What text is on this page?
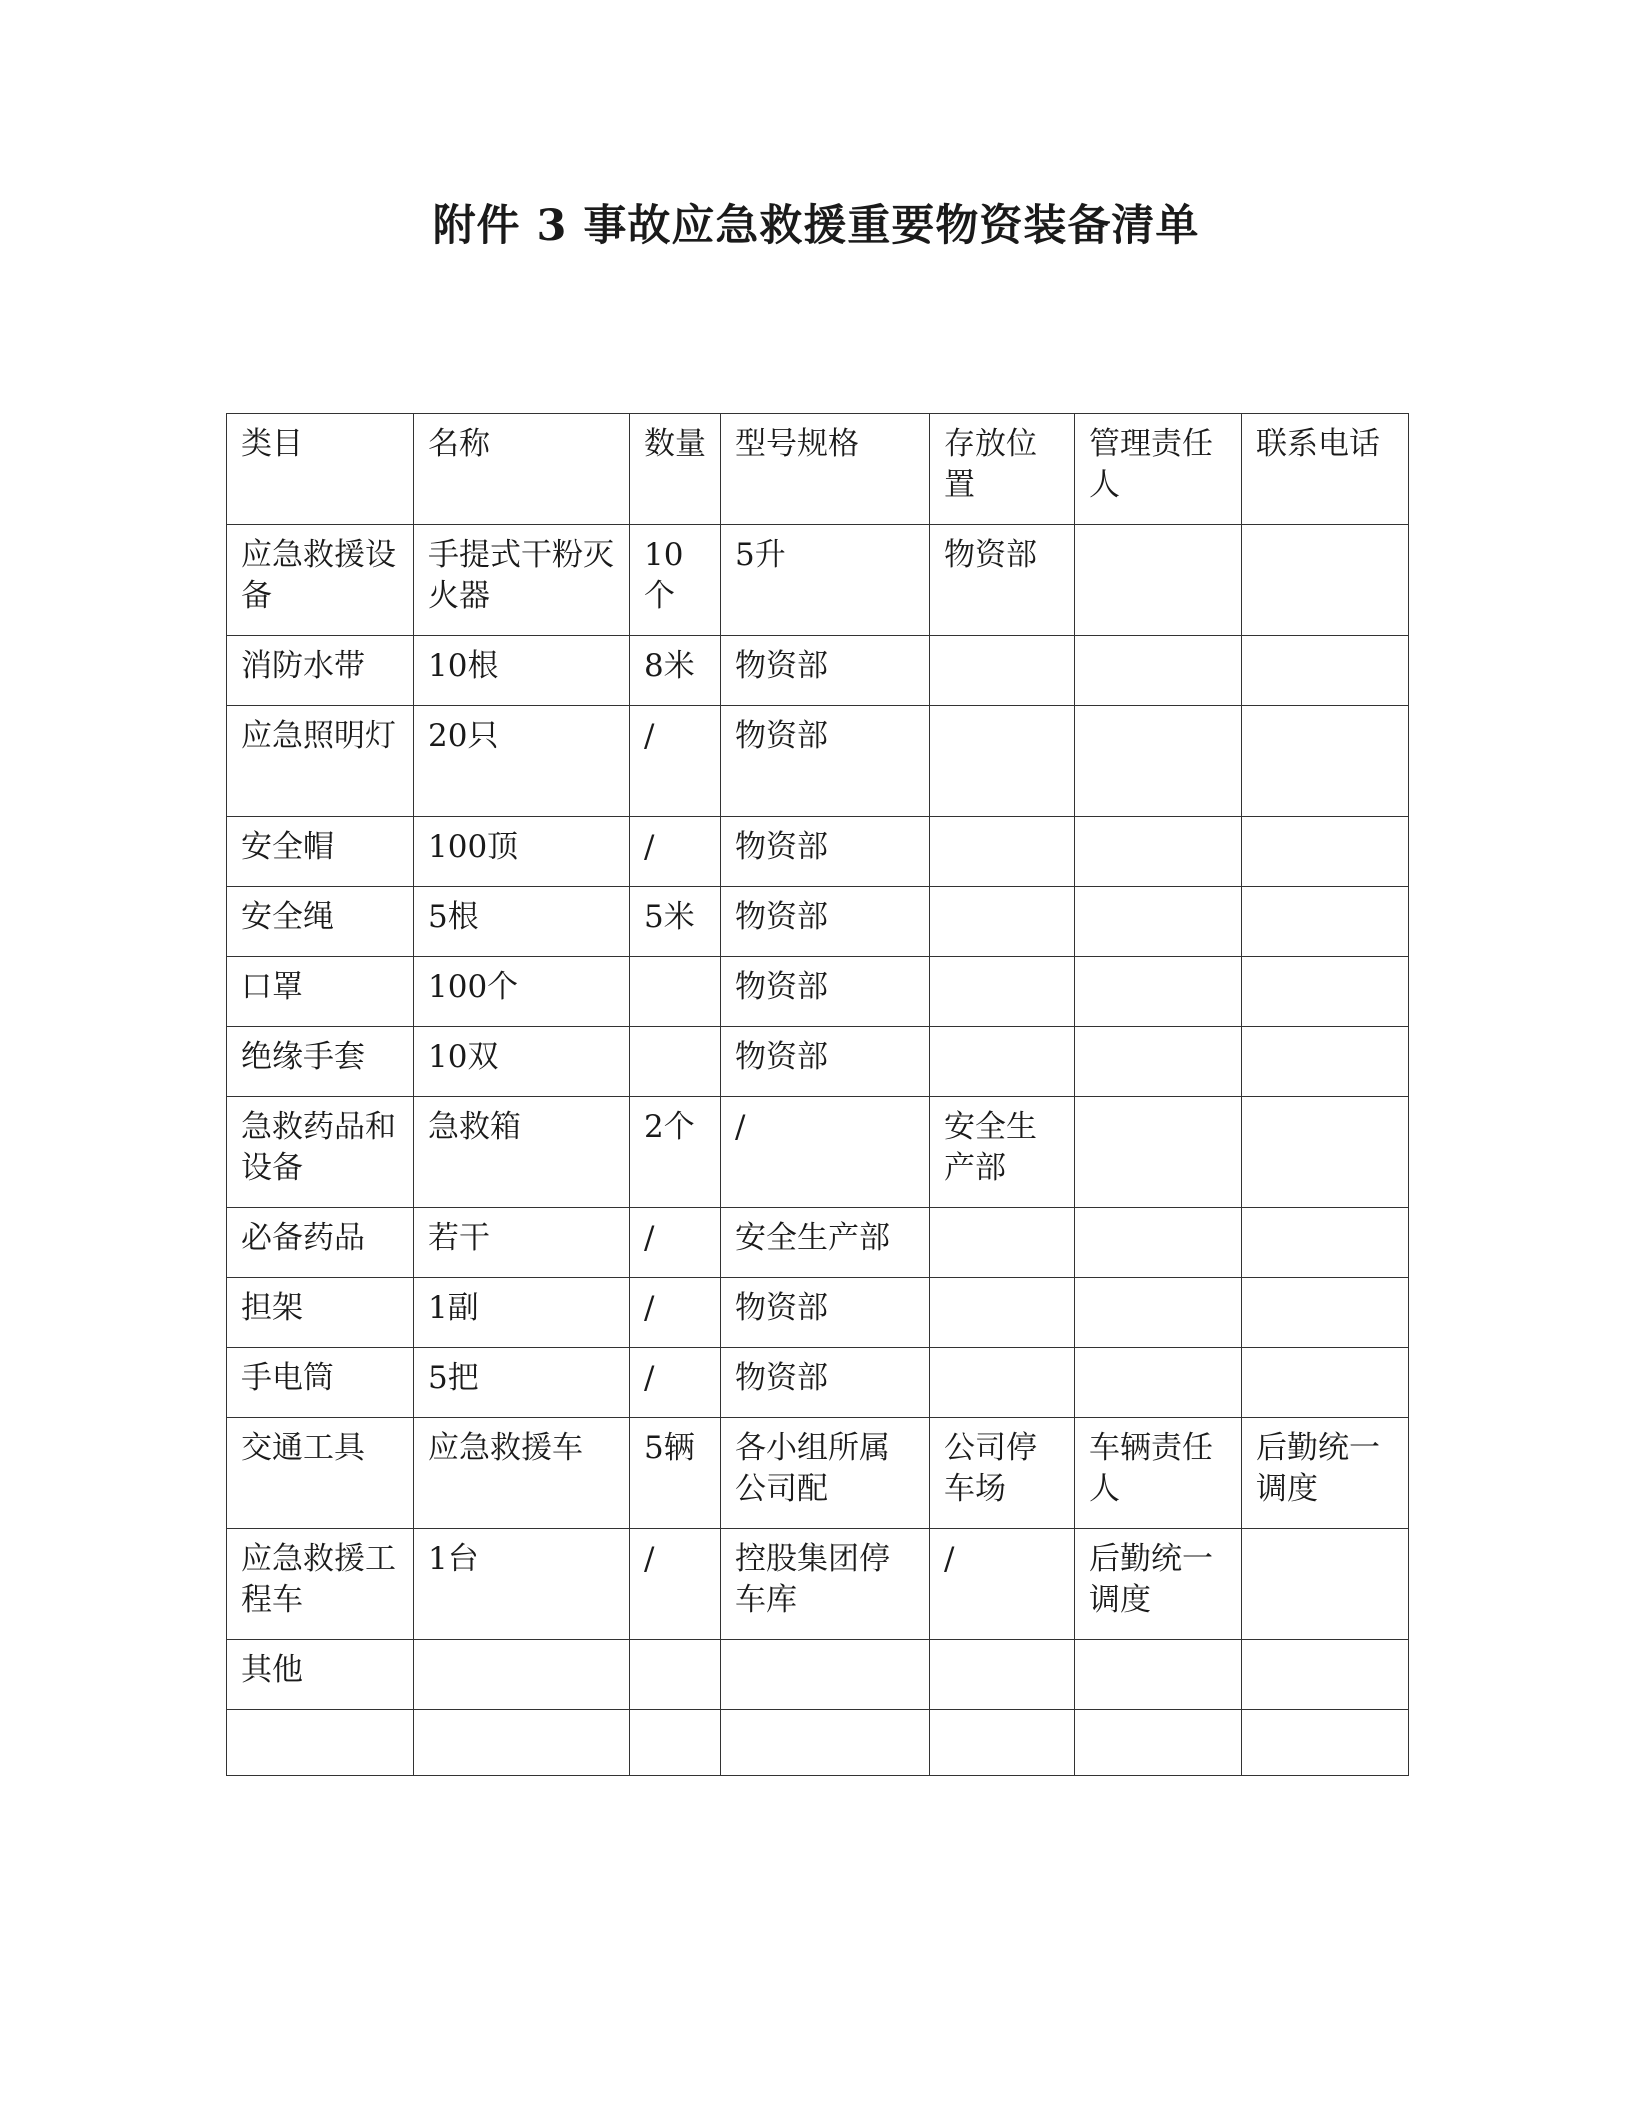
附件 3 事故应急救援重要物资装备清单
类目	名称	数量	型号规格	存放位置	管理责任人	联系电话
应急救援设备	手提式干粉灭火器	10个	5升	物资部		
消防水带	10根	8米	物资部			
应急照明灯	20只	/	物资部			
安全帽	100顶	/	物资部			
安全绳	5根	5米	物资部			
口罩	100个		物资部			
绝缘手套	10双		物资部			
急救药品和设备	急救箱	2个	/	安全生产部		
必备药品	若干	/	安全生产部			
担架	1副	/	物资部			
手电筒	5把	/	物资部			
交通工具	应急救援车	5辆	各小组所属公司配	公司停车场	车辆责任人	后勤统一调度
应急救援工程车	1台	/	控股集团停车库	/	后勤统一调度	
其他						
